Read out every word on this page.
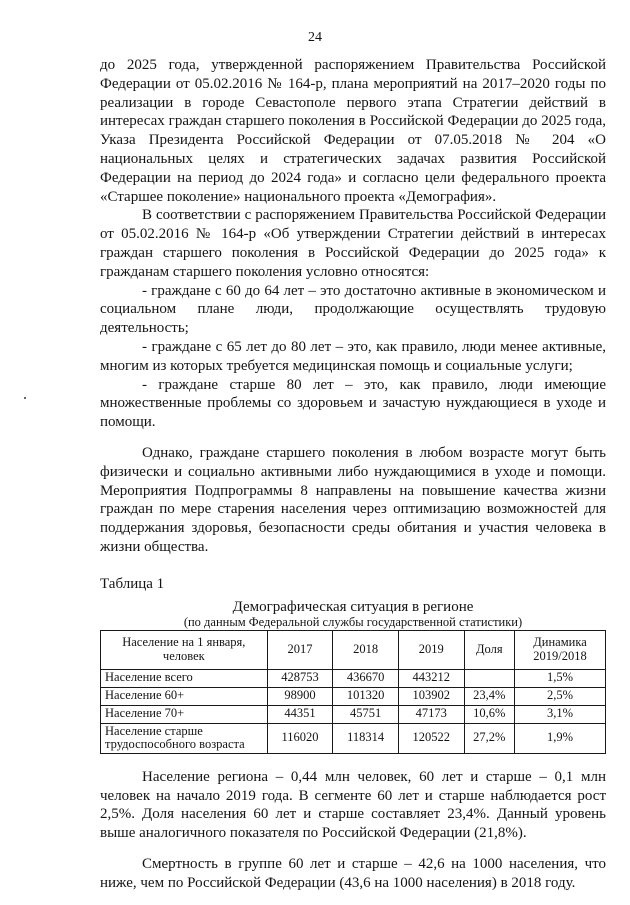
24

до 2025 года, утвержденной распоряжением Правительства Российской Федерации от 05.02.2016 № 164-р, плана мероприятий на 2017–2020 годы по реализации в городе Севастополе первого этапа Стратегии действий в интересах граждан старшего поколения в Российской Федерации до 2025 года, Указа Президента Российской Федерации от 07.05.2018 № 204 «О национальных целях и стратегических задачах развития Российской Федерации на период до 2024 года» и согласно цели федерального проекта «Старшее поколение» национального проекта «Демография».

В соответствии с распоряжением Правительства Российской Федерации от 05.02.2016 № 164-р «Об утверждении Стратегии действий в интересах граждан старшего поколения в Российской Федерации до 2025 года» к гражданам старшего поколения условно относятся:

- граждане с 60 до 64 лет – это достаточно активные в экономическом и социальном плане люди, продолжающие осуществлять трудовую деятельность;

- граждане с 65 лет до 80 лет – это, как правило, люди менее активные, многим из которых требуется медицинская помощь и социальные услуги;

- граждане старше 80 лет – это, как правило, люди имеющие множественные проблемы со здоровьем и зачастую нуждающиеся в уходе и помощи.

Однако, граждане старшего поколения в любом возрасте могут быть физически и социально активными либо нуждающимися в уходе и помощи. Мероприятия Подпрограммы 8 направлены на повышение качества жизни граждан по мере старения населения через оптимизацию возможностей для поддержания здоровья, безопасности среды обитания и участия человека в жизни общества.

Таблица 1
Демографическая ситуация в регионе
(по данным Федеральной службы государственной статистики)
Население на 1 января, человек	2017	2018	2019	Доля	Динамика 2019/2018
Население всего	428753	436670	443212		1,5%
Население 60+	98900	101320	103902	23,4%	2,5%
Население 70+	44351	45751	47173	10,6%	3,1%
Население старше трудоспособного возраста	116020	118314	120522	27,2%	1,9%

Население региона – 0,44 млн человек, 60 лет и старше – 0,1 млн человек на начало 2019 года. В сегменте 60 лет и старше наблюдается рост 2,5%. Доля населения 60 лет и старше составляет 23,4%. Данный уровень выше аналогичного показателя по Российской Федерации (21,8%).

Смертность в группе 60 лет и старше – 42,6 на 1000 населения, что ниже, чем по Российской Федерации (43,6 на 1000 населения) в 2018 году.
